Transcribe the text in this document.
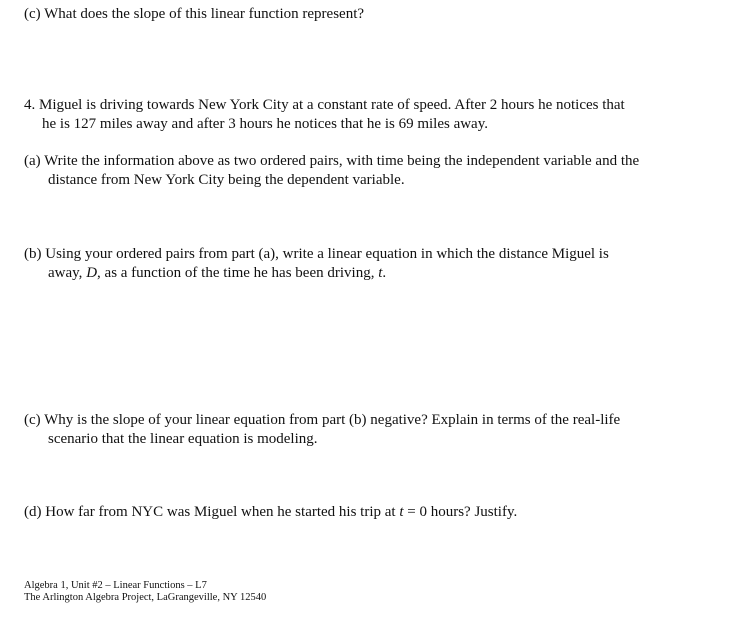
(c) What does the slope of this linear function represent?
4. Miguel is driving towards New York City at a constant rate of speed. After 2 hours he notices that
he is 127 miles away and after 3 hours he notices that he is 69 miles away.
(a) Write the information above as two ordered pairs, with time being the independent variable and the
distance from New York City being the dependent variable.
(b) Using your ordered pairs from part (a), write a linear equation in which the distance Miguel is
away, D, as a function of the time he has been driving, t.
(c) Why is the slope of your linear equation from part (b) negative? Explain in terms of the real-life
scenario that the linear equation is modeling.
(d) How far from NYC was Miguel when he started his trip at t = 0 hours? Justify.
Algebra 1, Unit #2 – Linear Functions – L7
The Arlington Algebra Project, LaGrangeville, NY 12540
